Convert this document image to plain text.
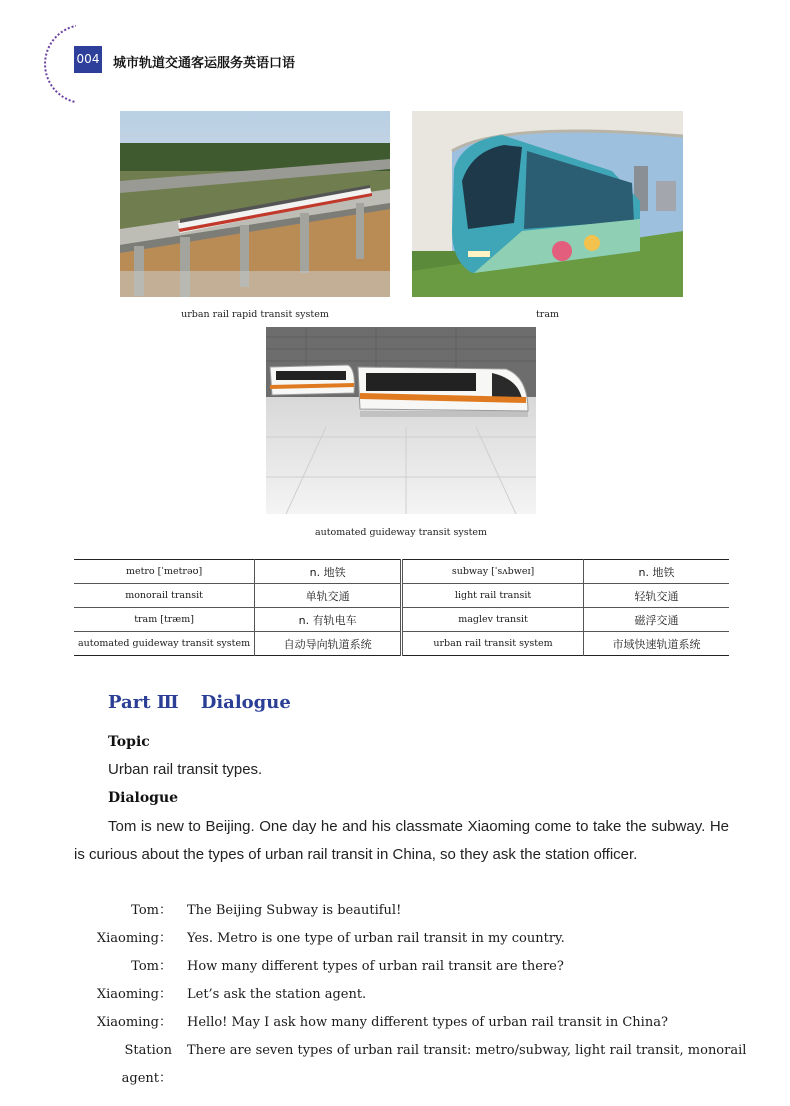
004 城市轨道交通客运服务英语口语
urban rail rapid transit system	tram
automated guideway transit system
metro [ˈmetrəʊ]	n. 地铁	subway [ˈsʌbweɪ]	n. 地铁
monorail transit	单轨交通	light rail transit	轻轨交通
tram [træm]	n. 有轨电车	maglev transit	磁浮交通
automated guideway transit system	自动导向轨道系统	urban rail transit system	市域快速轨道系统
Part Ⅲ Dialogue
Topic
Urban rail transit types.
Dialogue
Tom is new to Beijing. One day he and his classmate Xiaoming come to take the subway. He is curious about the types of urban rail transit in China, so they ask the station officer.
Tom： The Beijing Subway is beautiful!
Xiaoming： Yes. Metro is one type of urban rail transit in my country.
Tom： How many different types of urban rail transit are there?
Xiaoming： Let’s ask the station agent.
Xiaoming： Hello! May I ask how many different types of urban rail transit in China?
Station agent：
There are seven types of urban rail transit: metro/subway, light rail transit, monorail
